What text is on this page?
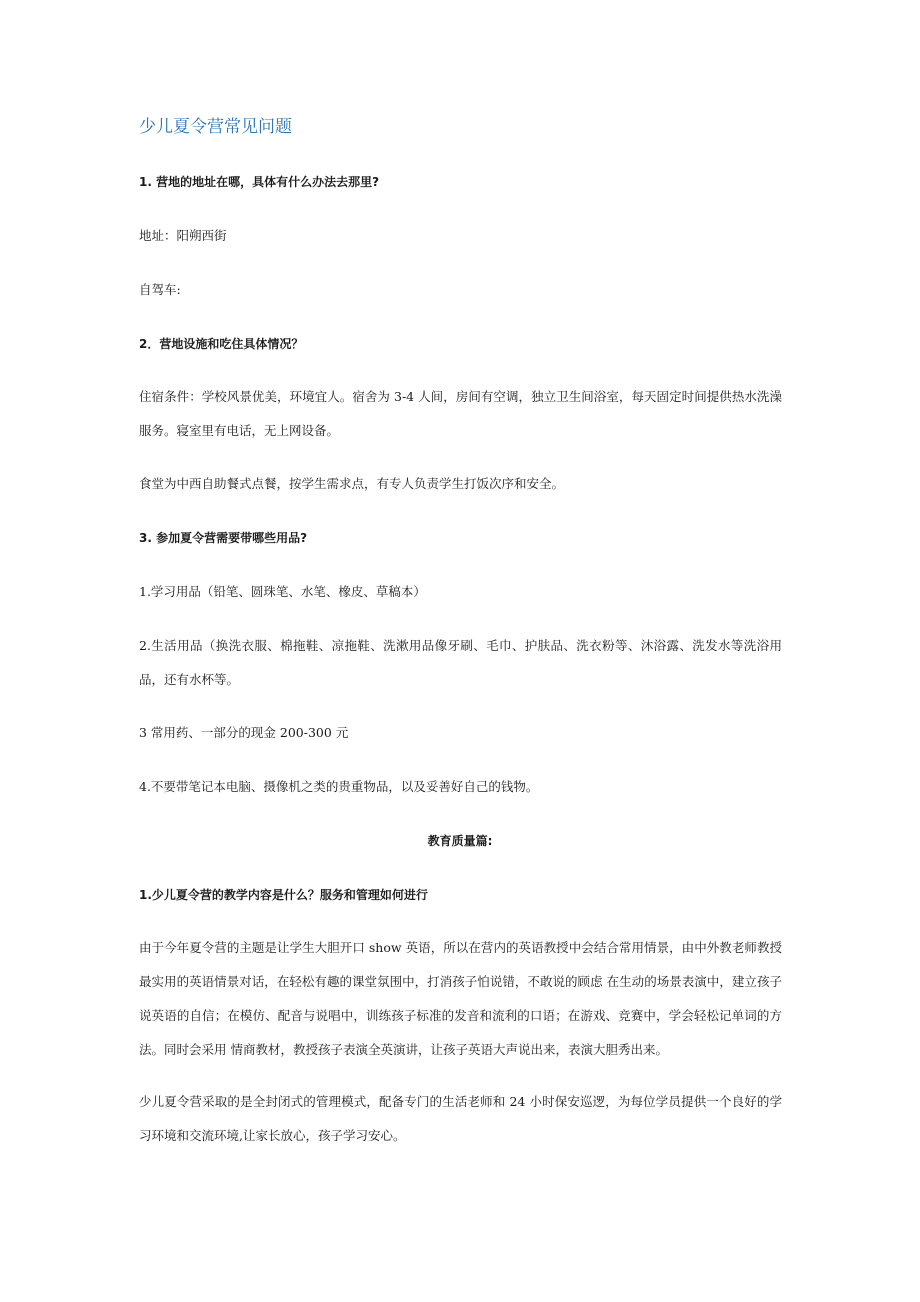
少儿夏令营常见问题

1. 营地的地址在哪，具体有什么办法去那里?

地址：阳朔西街

自驾车:

2．营地设施和吃住具体情况？

住宿条件：学校风景优美，环境宜人。宿舍为 3-4 人间，房间有空调，独立卫生间浴室，每天固定时间提供热水洗澡服务。寝室里有电话，无上网设备。

食堂为中西自助餐式点餐，按学生需求点，有专人负责学生打饭次序和安全。

3. 参加夏令营需要带哪些用品?

1.学习用品（铅笔、圆珠笔、水笔、橡皮、草稿本）

2.生活用品（换洗衣服、棉拖鞋、凉拖鞋、洗漱用品像牙刷、毛巾、护肤品、洗衣粉等、沐浴露、洗发水等洗浴用品，还有水杯等。

3 常用药、一部分的现金 200-300 元

4.不要带笔记本电脑、摄像机之类的贵重物品，以及妥善好自己的钱物。

教育质量篇:

1.少儿夏令营的教学内容是什么？服务和管理如何进行

由于今年夏令营的主题是让学生大胆开口 show 英语，所以在营内的英语教授中会结合常用情景，由中外教老师教授最实用的英语情景对话，在轻松有趣的课堂氛围中，打消孩子怕说错，不敢说的顾虑 在生动的场景表演中，建立孩子说英语的自信；在模仿、配音与说唱中，训练孩子标准的发音和流利的口语；在游戏、竞赛中，学会轻松记单词的方法。同时会采用 情商教材，教授孩子表演全英演讲，让孩子英语大声说出来，表演大胆秀出来。

少儿夏令营采取的是全封闭式的管理模式，配备专门的生活老师和 24 小时保安巡逻，为每位学员提供一个良好的学习环境和交流环境,让家长放心，孩子学习安心。
